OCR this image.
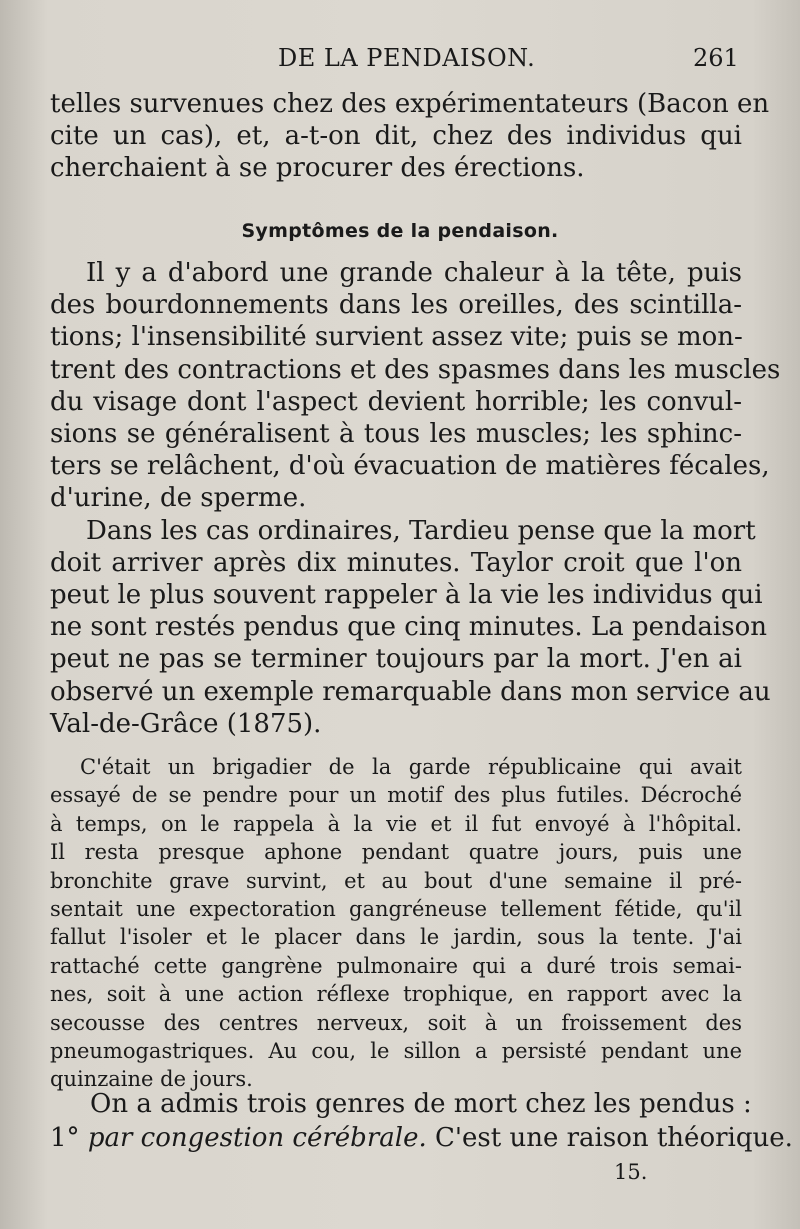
DE LA PENDAISON.	261
telles survenues chez des expérimentateurs (Bacon en
cite un cas), et, a-t-on dit, chez des individus qui
cherchaient à se procurer des érections.
Symptômes de la pendaison.
Il y a d'abord une grande chaleur à la tête, puis
des bourdonnements dans les oreilles, des scintilla-
tions; l'insensibilité survient assez vite; puis se mon-
trent des contractions et des spasmes dans les muscles
du visage dont l'aspect devient horrible; les convul-
sions se généralisent à tous les muscles; les sphinc-
ters se relâchent, d'où évacuation de matières fécales,
d'urine, de sperme.
Dans les cas ordinaires, Tardieu pense que la mort
doit arriver après dix minutes. Taylor croit que l'on
peut le plus souvent rappeler à la vie les individus qui
ne sont restés pendus que cinq minutes. La pendaison
peut ne pas se terminer toujours par la mort. J'en ai
observé un exemple remarquable dans mon service au
Val-de-Grâce (1875).
C'était un brigadier de la garde républicaine qui avait
essayé de se pendre pour un motif des plus futiles. Décroché
à temps, on le rappela à la vie et il fut envoyé à l'hôpital.
Il resta presque aphone pendant quatre jours, puis une
bronchite grave survint, et au bout d'une semaine il pré-
sentait une expectoration gangréneuse tellement fétide, qu'il
fallut l'isoler et le placer dans le jardin, sous la tente. J'ai
rattaché cette gangrène pulmonaire qui a duré trois semai-
nes, soit à une action réflexe trophique, en rapport avec la
secousse des centres nerveux, soit à un froissement des
pneumogastriques. Au cou, le sillon a persisté pendant une
quinzaine de jours.
On a admis trois genres de mort chez les pendus :
1° par congestion cérébrale. C'est une raison théorique.
15.
